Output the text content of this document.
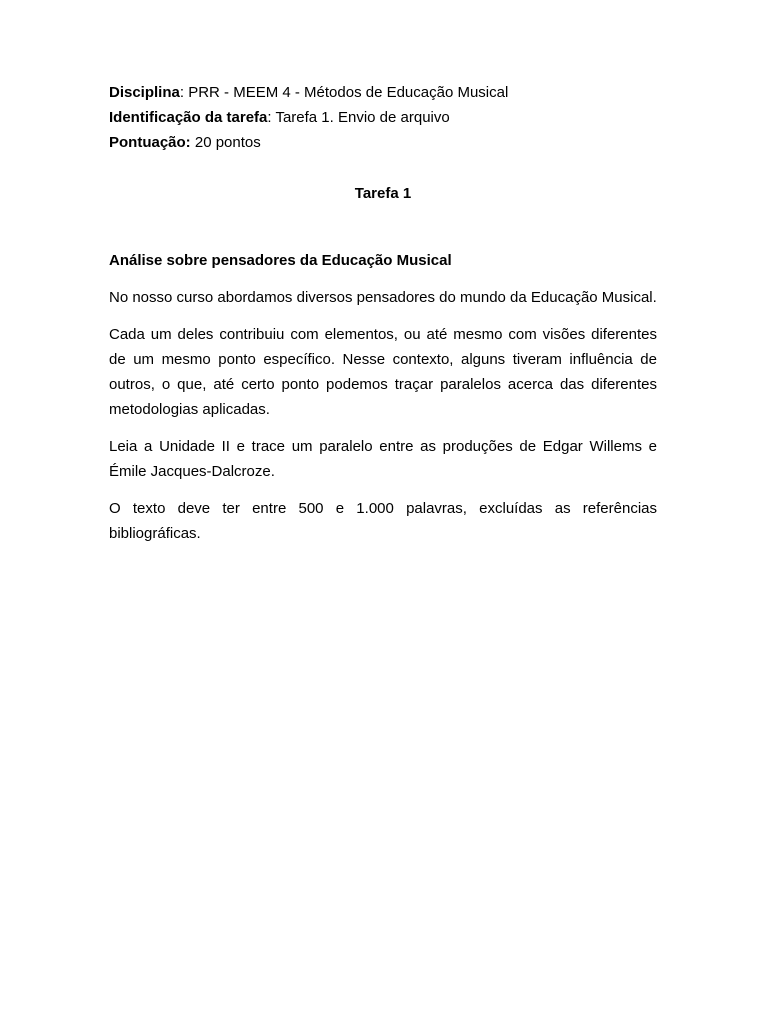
Disciplina: PRR - MEEM 4 - Métodos de Educação Musical

Identificação da tarefa: Tarefa 1. Envio de arquivo

Pontuação: 20 pontos

Tarefa 1

Análise sobre pensadores da Educação Musical

No nosso curso abordamos diversos pensadores do mundo da Educação Musical.

Cada um deles contribuiu com elementos, ou até mesmo com visões diferentes de um mesmo ponto específico. Nesse contexto, alguns tiveram influência de outros, o que, até certo ponto podemos traçar paralelos acerca das diferentes metodologias aplicadas.

Leia a Unidade II e trace um paralelo entre as produções de Edgar Willems e Émile Jacques-Dalcroze.

O texto deve ter entre 500 e 1.000 palavras, excluídas as referências bibliográficas.
